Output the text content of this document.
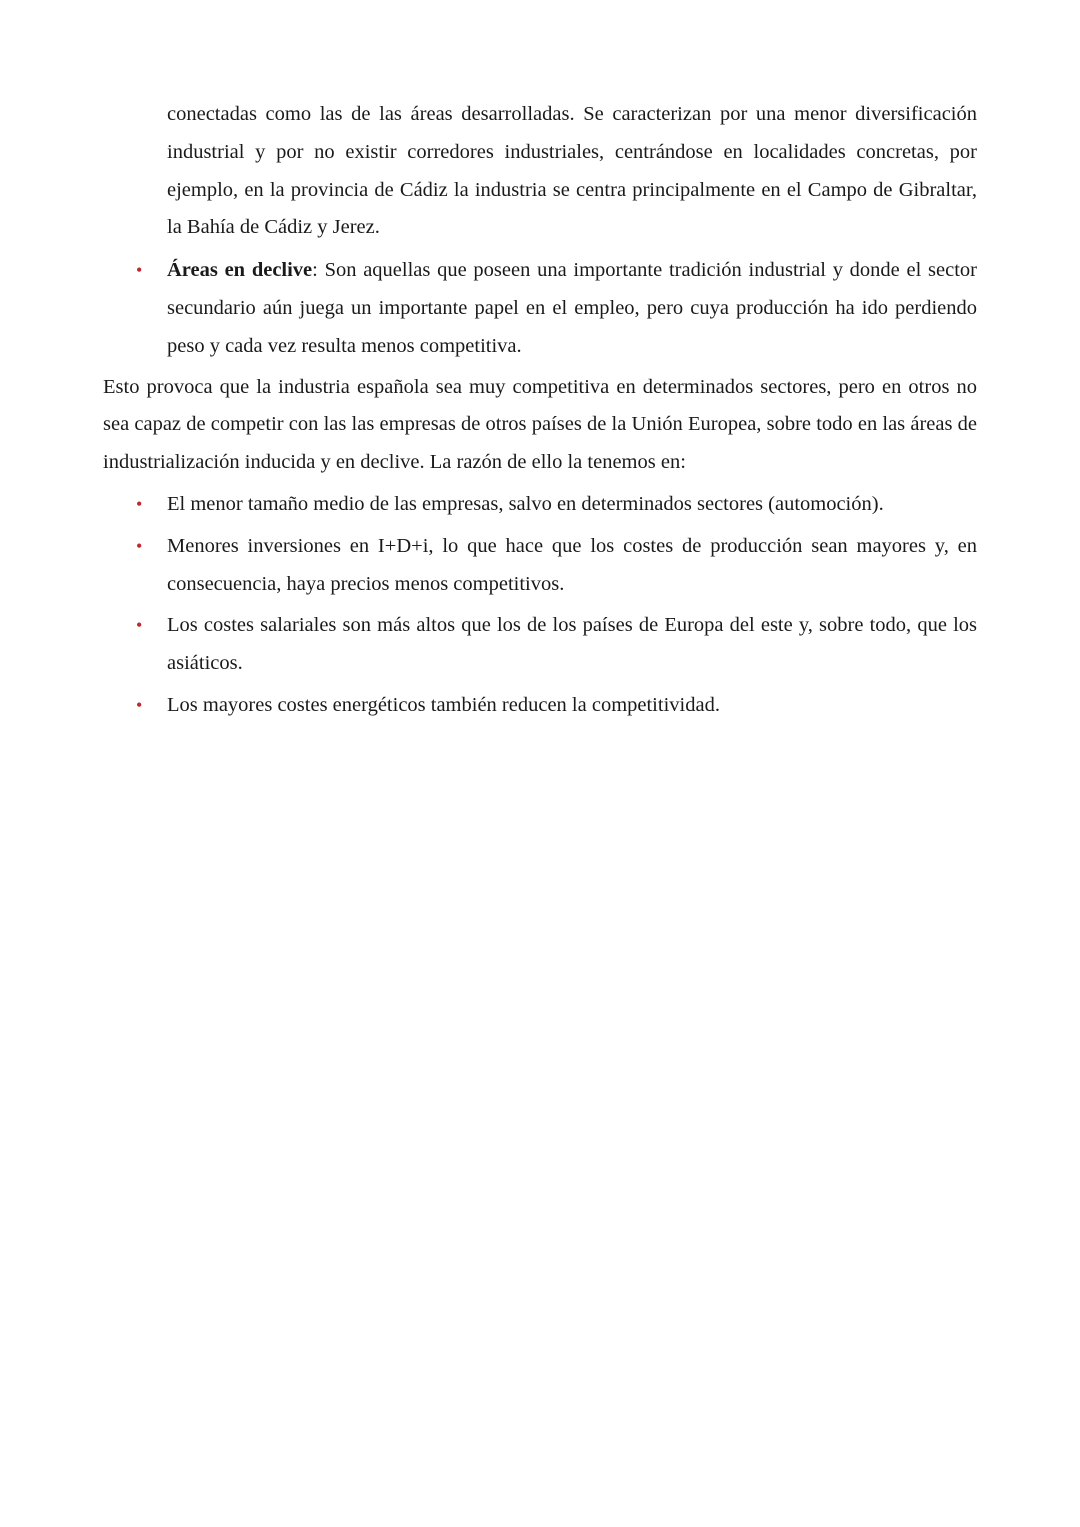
conectadas como las de las áreas desarrolladas. Se caracterizan por una menor diversificación industrial y por no existir corredores industriales, centrándose en localidades concretas, por ejemplo, en la provincia de Cádiz la industria se centra principalmente en el Campo de Gibraltar, la Bahía de Cádiz y Jerez.

• Áreas en declive: Son aquellas que poseen una importante tradición industrial y donde el sector secundario aún juega un importante papel en el empleo, pero cuya producción ha ido perdiendo peso y cada vez resulta menos competitiva.

Esto provoca que la industria española sea muy competitiva en determinados sectores, pero en otros no sea capaz de competir con las las empresas de otros países de la Unión Europea, sobre todo en las áreas de industrialización inducida y en declive. La razón de ello la tenemos en:

• El menor tamaño medio de las empresas, salvo en determinados sectores (automoción).
• Menores inversiones en I+D+i, lo que hace que los costes de producción sean mayores y, en consecuencia, haya precios menos competitivos.
• Los costes salariales son más altos que los de los países de Europa del este y, sobre todo, que los asiáticos.
• Los mayores costes energéticos también reducen la competitividad.
